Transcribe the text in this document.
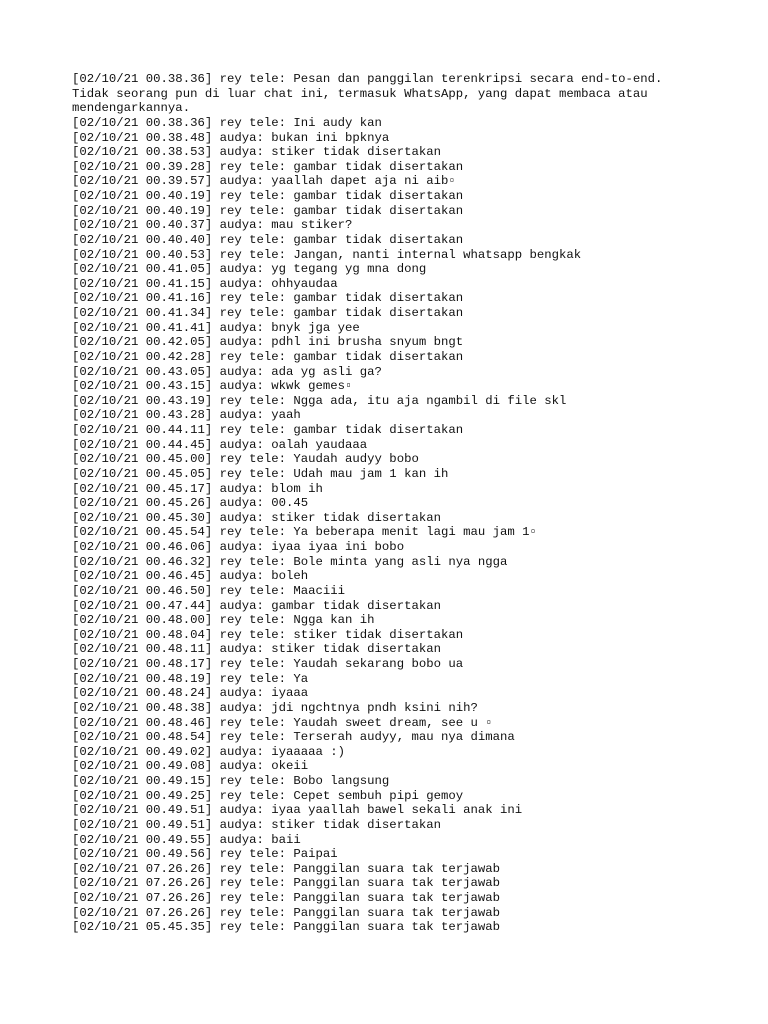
[02/10/21 00.38.36] rey tele: Pesan dan panggilan terenkripsi secara end-to-end.
Tidak seorang pun di luar chat ini, termasuk WhatsApp, yang dapat membaca atau
mendengarkannya.
[02/10/21 00.38.36] rey tele: Ini audy kan
[02/10/21 00.38.48] audya: bukan ini bpknya
[02/10/21 00.38.53] audya: stiker tidak disertakan
[02/10/21 00.39.28] rey tele: gambar tidak disertakan
[02/10/21 00.39.57] audya: yaallah dapet aja ni aib▫
[02/10/21 00.40.19] rey tele: gambar tidak disertakan
[02/10/21 00.40.19] rey tele: gambar tidak disertakan
[02/10/21 00.40.37] audya: mau stiker?
[02/10/21 00.40.40] rey tele: gambar tidak disertakan
[02/10/21 00.40.53] rey tele: Jangan, nanti internal whatsapp bengkak
[02/10/21 00.41.05] audya: yg tegang yg mna dong
[02/10/21 00.41.15] audya: ohhyaudaa
[02/10/21 00.41.16] rey tele: gambar tidak disertakan
[02/10/21 00.41.34] rey tele: gambar tidak disertakan
[02/10/21 00.41.41] audya: bnyk jga yee
[02/10/21 00.42.05] audya: pdhl ini brusha snyum bngt
[02/10/21 00.42.28] rey tele: gambar tidak disertakan
[02/10/21 00.43.05] audya: ada yg asli ga?
[02/10/21 00.43.15] audya: wkwk gemes▫
[02/10/21 00.43.19] rey tele: Ngga ada, itu aja ngambil di file skl
[02/10/21 00.43.28] audya: yaah
[02/10/21 00.44.11] rey tele: gambar tidak disertakan
[02/10/21 00.44.45] audya: oalah yaudaaa
[02/10/21 00.45.00] rey tele: Yaudah audyy bobo
[02/10/21 00.45.05] rey tele: Udah mau jam 1 kan ih
[02/10/21 00.45.17] audya: blom ih
[02/10/21 00.45.26] audya: 00.45
[02/10/21 00.45.30] audya: stiker tidak disertakan
[02/10/21 00.45.54] rey tele: Ya beberapa menit lagi mau jam 1▫
[02/10/21 00.46.06] audya: iyaa iyaa ini bobo
[02/10/21 00.46.32] rey tele: Bole minta yang asli nya ngga
[02/10/21 00.46.45] audya: boleh
[02/10/21 00.46.50] rey tele: Maaciii
[02/10/21 00.47.44] audya: gambar tidak disertakan
[02/10/21 00.48.00] rey tele: Ngga kan ih
[02/10/21 00.48.04] rey tele: stiker tidak disertakan
[02/10/21 00.48.11] audya: stiker tidak disertakan
[02/10/21 00.48.17] rey tele: Yaudah sekarang bobo ua
[02/10/21 00.48.19] rey tele: Ya
[02/10/21 00.48.24] audya: iyaaa
[02/10/21 00.48.38] audya: jdi ngchtnya pndh ksini nih?
[02/10/21 00.48.46] rey tele: Yaudah sweet dream, see u ▫
[02/10/21 00.48.54] rey tele: Terserah audyy, mau nya dimana
[02/10/21 00.49.02] audya: iyaaaaa :)
[02/10/21 00.49.08] audya: okeii
[02/10/21 00.49.15] rey tele: Bobo langsung
[02/10/21 00.49.25] rey tele: Cepet sembuh pipi gemoy
[02/10/21 00.49.51] audya: iyaa yaallah bawel sekali anak ini
[02/10/21 00.49.51] audya: stiker tidak disertakan
[02/10/21 00.49.55] audya: baii
[02/10/21 00.49.56] rey tele: Paipai
[02/10/21 07.26.26] rey tele: Panggilan suara tak terjawab
[02/10/21 07.26.26] rey tele: Panggilan suara tak terjawab
[02/10/21 07.26.26] rey tele: Panggilan suara tak terjawab
[02/10/21 07.26.26] rey tele: Panggilan suara tak terjawab
[02/10/21 05.45.35] rey tele: Panggilan suara tak terjawab
